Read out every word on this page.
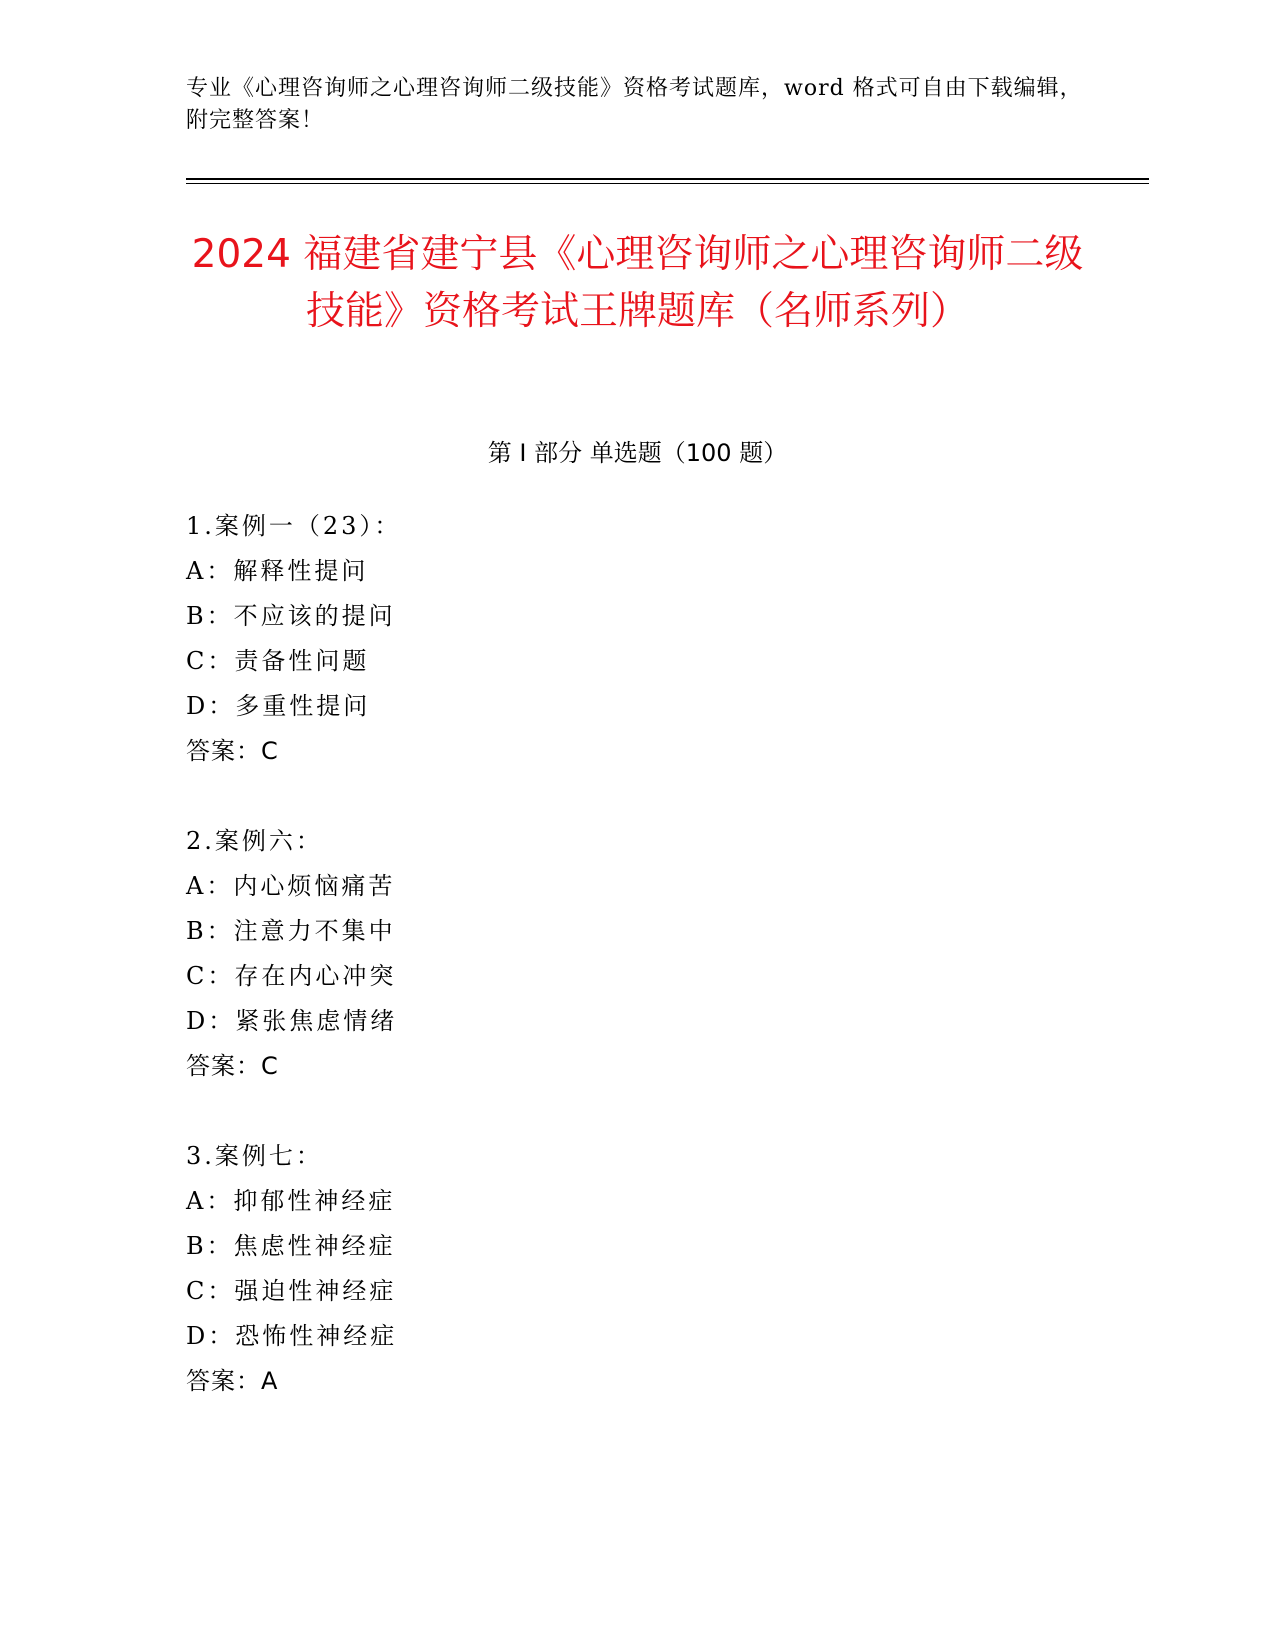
专业《心理咨询师之心理咨询师二级技能》资格考试题库，word 格式可自由下载编辑，附完整答案！
2024 福建省建宁县《心理咨询师之心理咨询师二级技能》资格考试王牌题库（名师系列）
第 I 部分 单选题（100 题）
1.案例一（23）：
A：解释性提问
B：不应该的提问
C：责备性问题
D：多重性提问
答案：C
2.案例六：
A：内心烦恼痛苦
B：注意力不集中
C：存在内心冲突
D：紧张焦虑情绪
答案：C
3.案例七：
A：抑郁性神经症
B：焦虑性神经症
C：强迫性神经症
D：恐怖性神经症
答案：A
